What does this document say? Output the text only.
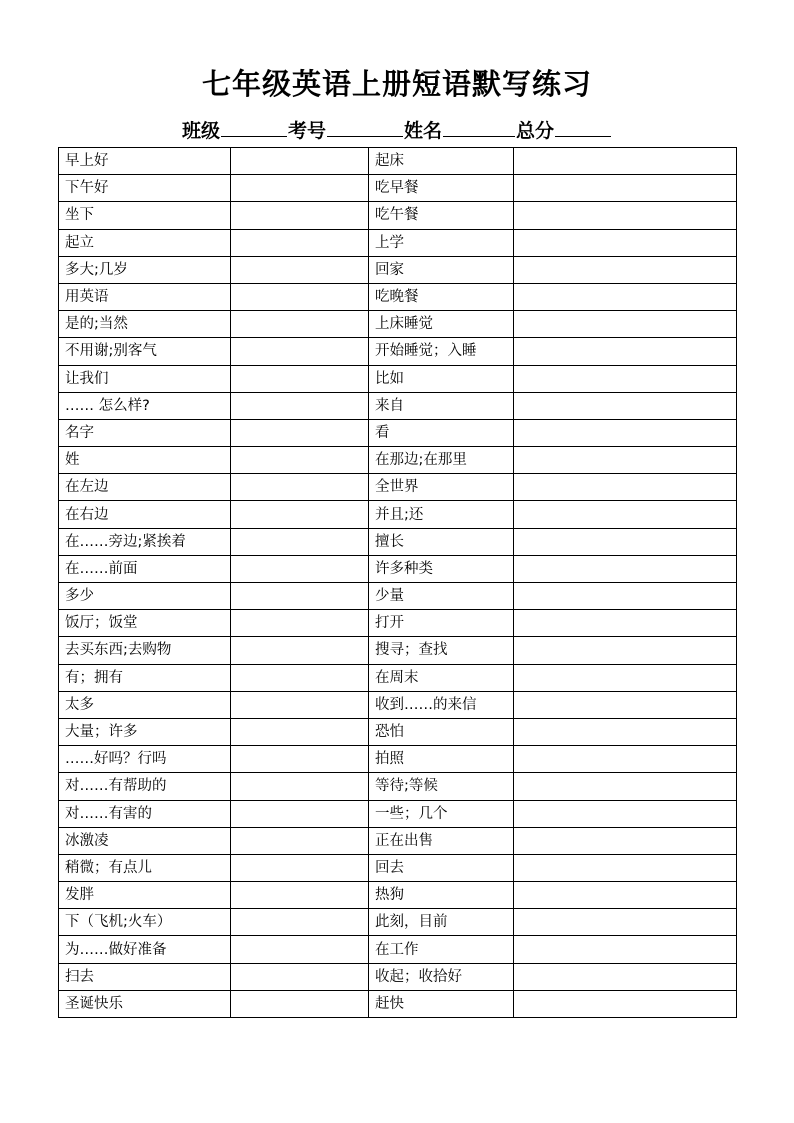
七年级英语上册短语默写练习
班级	考号	姓名	总分
早上好		起床	
下午好		吃早餐	
坐下		吃午餐	
起立		上学	
多大;几岁		回家	
用英语		吃晚餐	
是的;当然		上床睡觉	
不用谢;别客气		开始睡觉；入睡	
让我们		比如	
…… 怎么样?		来自	
名字		看	
姓		在那边;在那里	
在左边		全世界	
在右边		并且;还	
在……旁边;紧挨着		擅长	
在……前面		许多种类	
多少		少量	
饭厅；饭堂		打开	
去买东西;去购物		搜寻；查找	
有；拥有		在周末	
太多		收到……的来信	
大量；许多		恐怕	
……好吗？行吗		拍照	
对……有帮助的		等待;等候	
对……有害的		一些；几个	
冰激凌		正在出售	
稍微；有点儿		回去	
发胖		热狗	
下（飞机;火车）		此刻，目前	
为……做好准备		在工作	
扫去		收起；收拾好	
圣诞快乐		赶快	
